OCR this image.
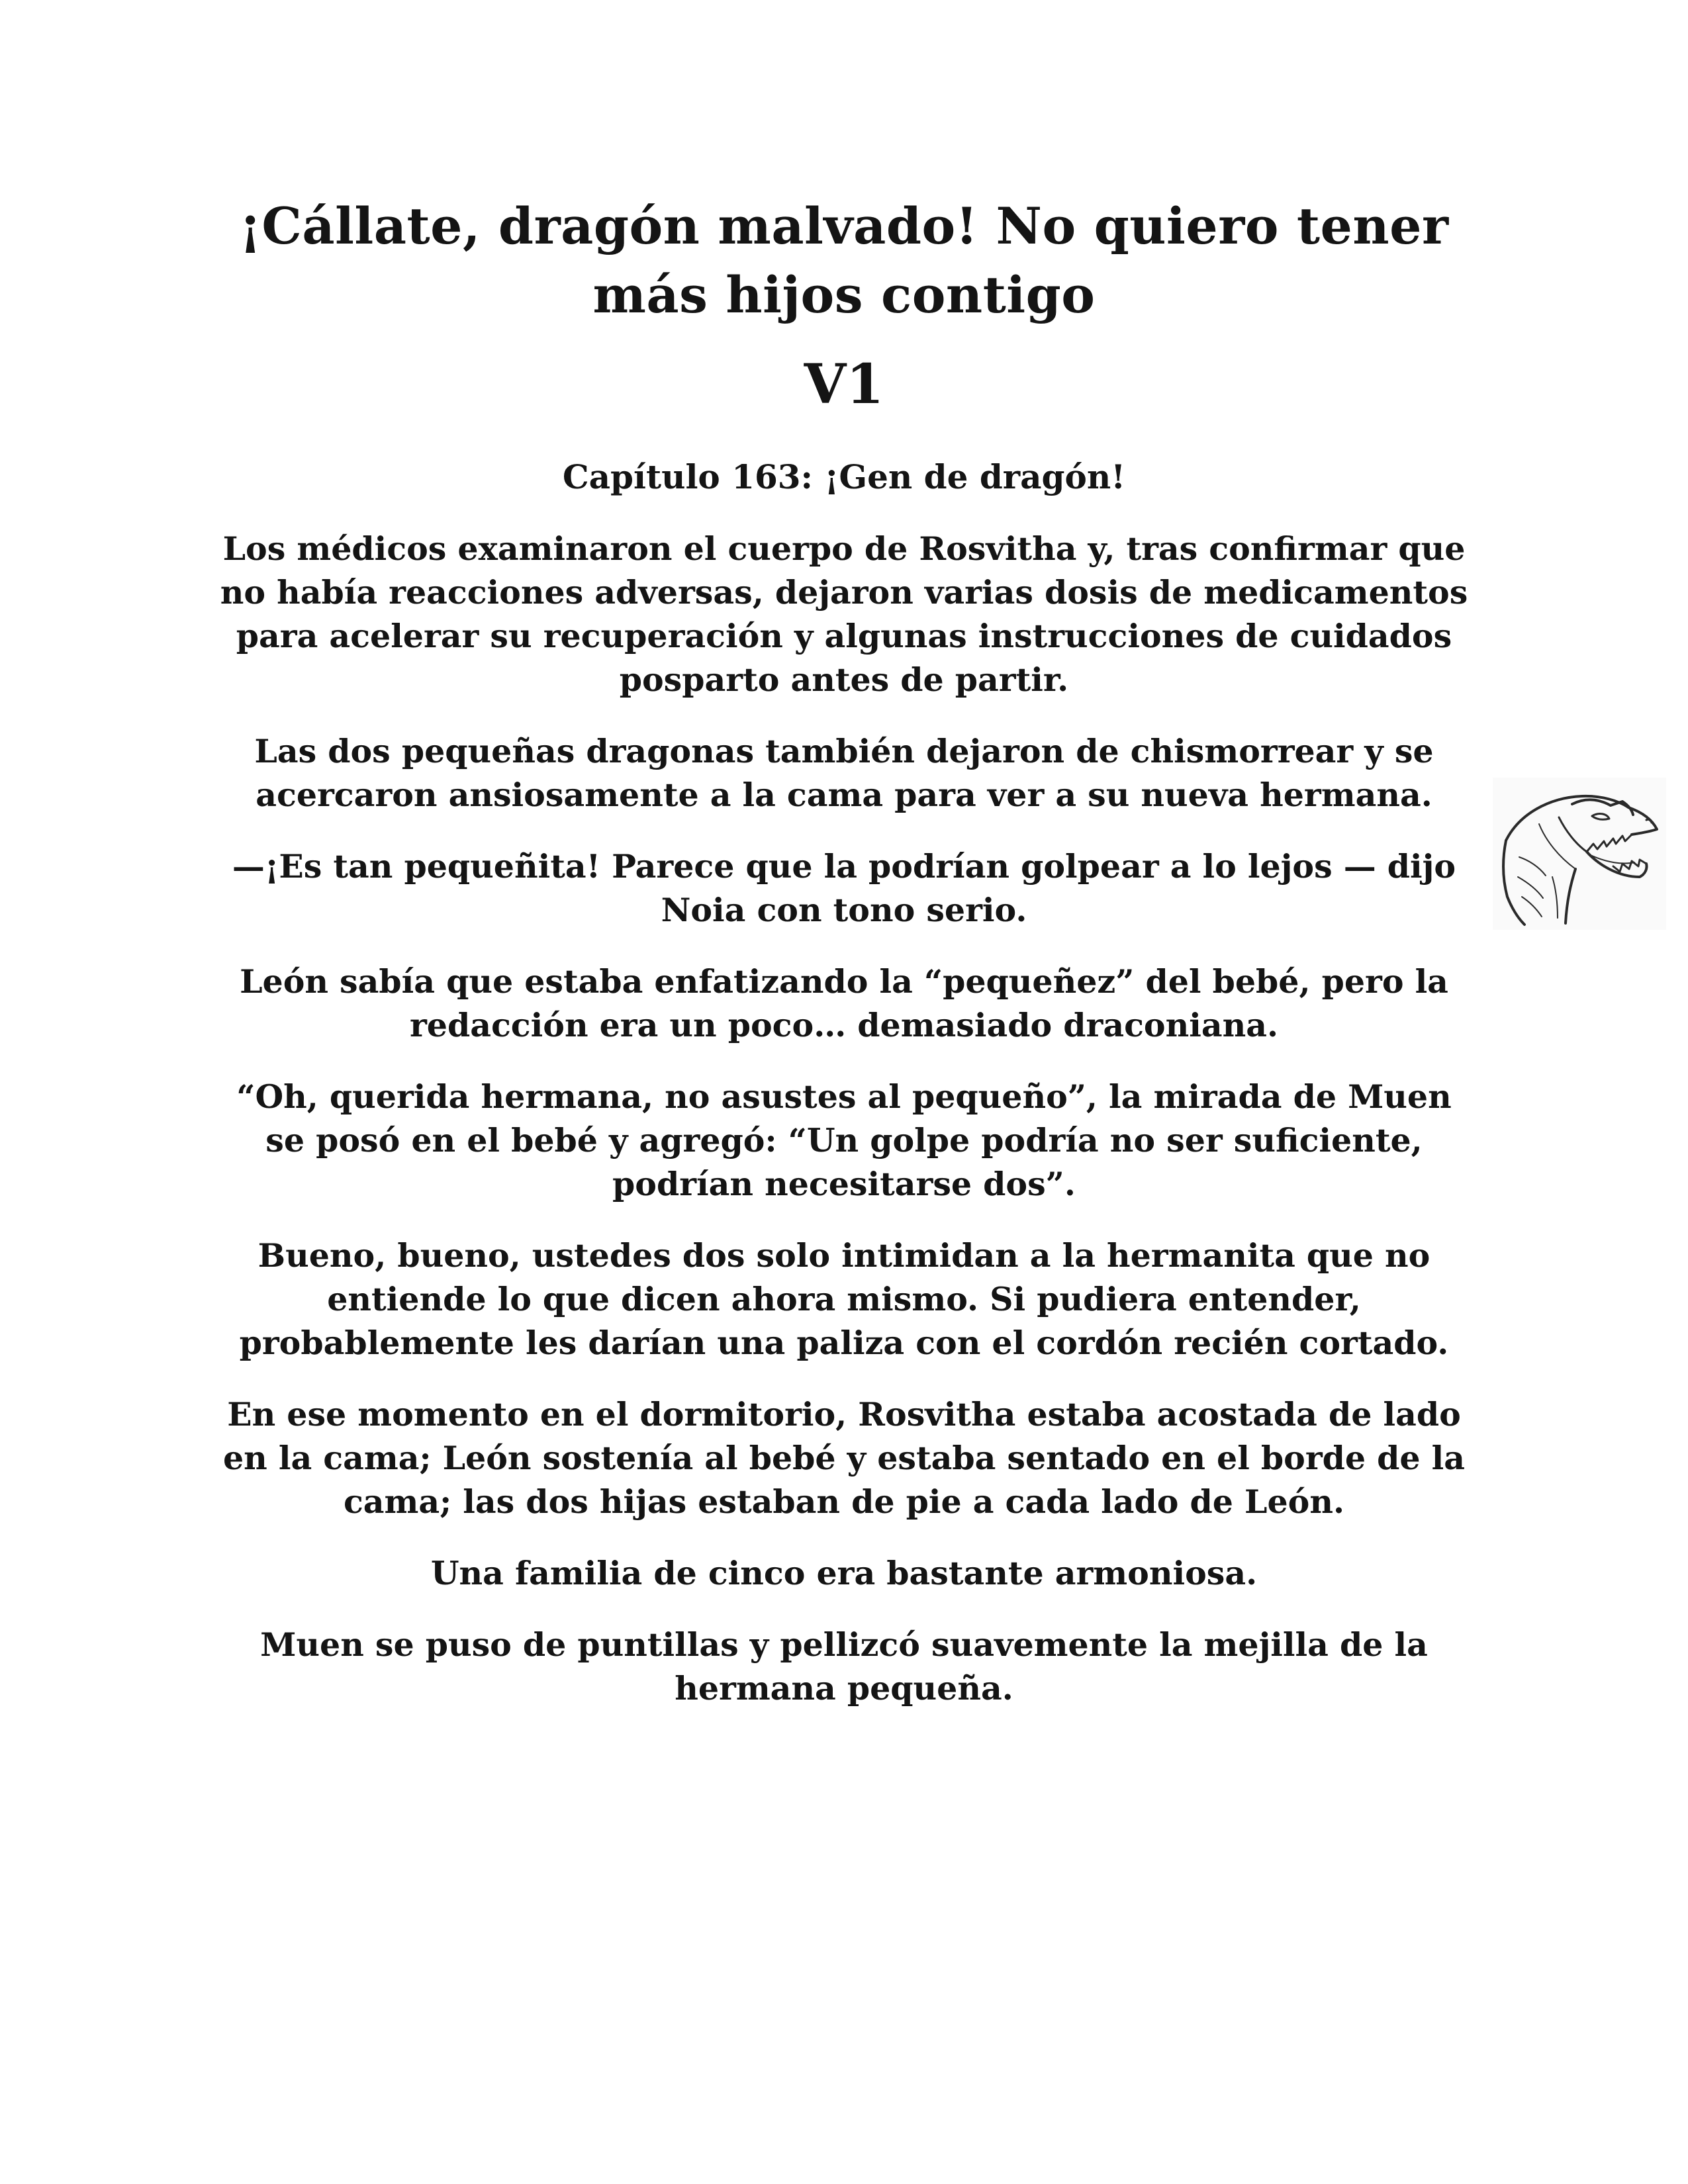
¡Cállate, dragón malvado! No quiero tener más hijos contigo
V1
Capítulo 163: ¡Gen de dragón!

Los médicos examinaron el cuerpo de Rosvitha y, tras confirmar que no había reacciones adversas, dejaron varias dosis de medicamentos para acelerar su recuperación y algunas instrucciones de cuidados posparto antes de partir.

Las dos pequeñas dragonas también dejaron de chismorrear y se acercaron ansiosamente a la cama para ver a su nueva hermana.

—¡Es tan pequeñita! Parece que la podrían golpear a lo lejos — dijo Noia con tono serio.

León sabía que estaba enfatizando la “pequeñez” del bebé, pero la redacción era un poco… demasiado draconiana.

“Oh, querida hermana, no asustes al pequeño”, la mirada de Muen se posó en el bebé y agregó: “Un golpe podría no ser suficiente, podrían necesitarse dos”.

Bueno, bueno, ustedes dos solo intimidan a la hermanita que no entiende lo que dicen ahora mismo. Si pudiera entender, probablemente les darían una paliza con el cordón recién cortado.

En ese momento en el dormitorio, Rosvitha estaba acostada de lado en la cama; León sostenía al bebé y estaba sentado en el borde de la cama; las dos hijas estaban de pie a cada lado de León.

Una familia de cinco era bastante armoniosa.

Muen se puso de puntillas y pellizcó suavemente la mejilla de la hermana pequeña.
